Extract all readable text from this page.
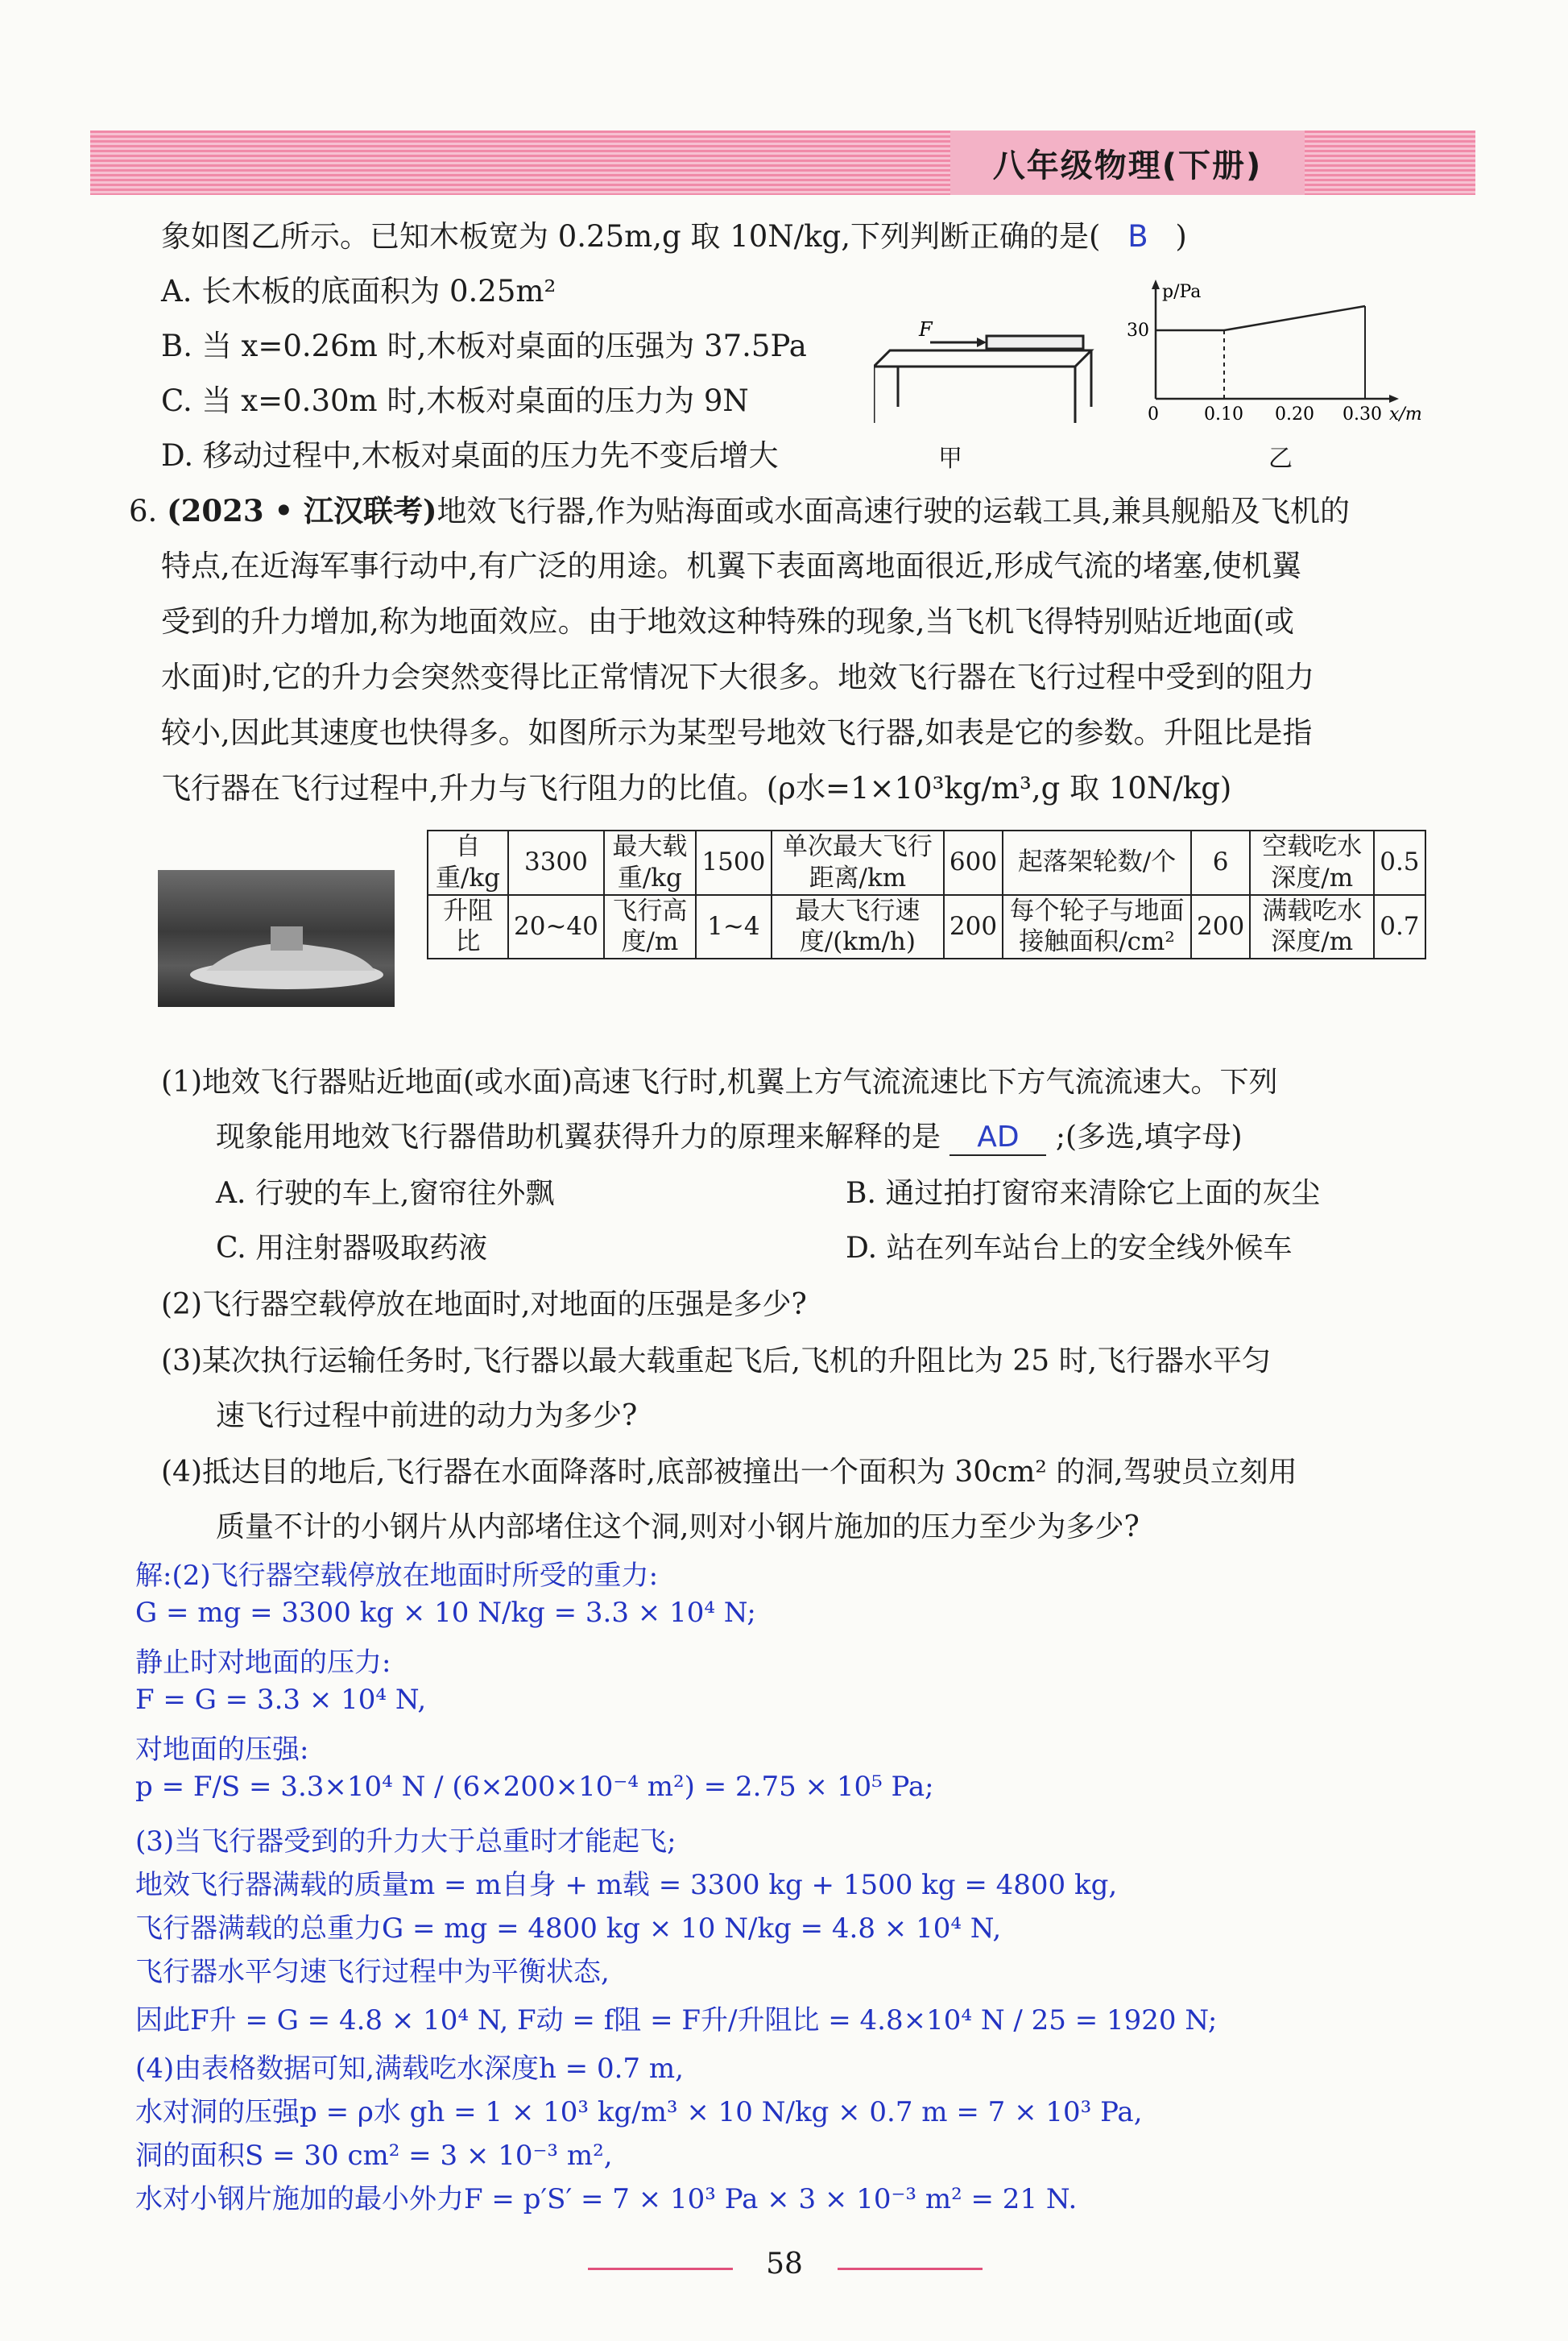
八年级物理(下册)
象如图乙所示。已知木板宽为 0.25m,g 取 10N/kg,下列判断正确的是( B )
A. 长木板的底面积为 0.25m²
B. 当 x=0.26m 时,木板对桌面的压强为 37.5Pa
C. 当 x=0.30m 时,木板对桌面的压力为 9N
D. 移动过程中,木板对桌面的压力先不变后增大
F
甲
p/Pa
30
0	0.10 0.20 0.30 x/m
乙
6. (2023 • 江汉联考)地效飞行器,作为贴海面或水面高速行驶的运载工具,兼具舰船及飞机的
特点,在近海军事行动中,有广泛的用途。机翼下表面离地面很近,形成气流的堵塞,使机翼
受到的升力增加,称为地面效应。由于地效这种特殊的现象,当飞机飞得特别贴近地面(或
水面)时,它的升力会突然变得比正常情况下大很多。地效飞行器在飞行过程中受到的阻力
较小,因此其速度也快得多。如图所示为某型号地效飞行器,如表是它的参数。升阻比是指
飞行器在飞行过程中,升力与飞行阻力的比值。(ρ水=1×10³kg/m³,g 取 10N/kg)
自重/kg	3300	最大载重/kg	1500	单次最大飞行距离/km	600	起落架轮数/个	6	空载吃水深度/m	0.5
升阻比	20~40	飞行高度/m	1~4	最大飞行速度/(km/h)	200	每个轮子与地面接触面积/cm²	200	满载吃水深度/m	0.7
(1)地效飞行器贴近地面(或水面)高速飞行时,机翼上方气流流速比下方气流流速大。下列
现象能用地效飞行器借助机翼获得升力的原理来解释的是 AD ;(多选,填字母)
A. 行驶的车上,窗帘往外飘	B. 通过拍打窗帘来清除它上面的灰尘
C. 用注射器吸取药液	D. 站在列车站台上的安全线外候车
(2)飞行器空载停放在地面时,对地面的压强是多少?
(3)某次执行运输任务时,飞行器以最大载重起飞后,飞机的升阻比为 25 时,飞行器水平匀
速飞行过程中前进的动力为多少?
(4)抵达目的地后,飞行器在水面降落时,底部被撞出一个面积为 30cm² 的洞,驾驶员立刻用
质量不计的小钢片从内部堵住这个洞,则对小钢片施加的压力至少为多少?
解:(2)飞行器空载停放在地面时所受的重力:
G = mg = 3300 kg × 10 N/kg = 3.3 × 10⁴ N;
静止时对地面的压力:
F = G = 3.3 × 10⁴ N,
对地面的压强:
p = F/S = 3.3×10⁴ N / (6×200×10⁻⁴ m²) = 2.75 × 10⁵ Pa;
(3)当飞行器受到的升力大于总重时才能起飞;
地效飞行器满载的质量m = m自身 + m载 = 3300 kg + 1500 kg = 4800 kg,
飞行器满载的总重力G = mg = 4800 kg × 10 N/kg = 4.8 × 10⁴ N,
飞行器水平匀速飞行过程中为平衡状态,
因此F升 = G = 4.8 × 10⁴ N, F动 = f阻 = F升/升阻比 = 4.8×10⁴ N / 25 = 1920 N;
(4)由表格数据可知,满载吃水深度h = 0.7 m,
水对洞的压强p = ρ水 gh = 1 × 10³ kg/m³ × 10 N/kg × 0.7 m = 7 × 10³ Pa,
洞的面积S = 30 cm² = 3 × 10⁻³ m²,
水对小钢片施加的最小外力F = p′S′ = 7 × 10³ Pa × 3 × 10⁻³ m² = 21 N.
58
